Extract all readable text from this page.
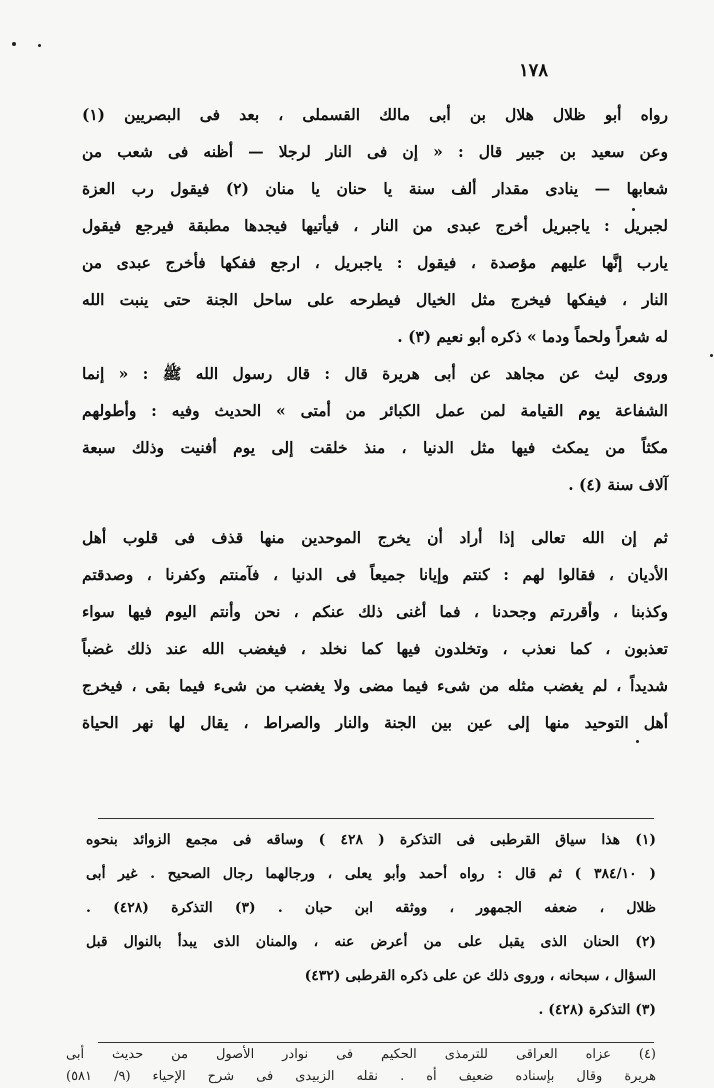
١٧٨
رواه أبو ظلال هلال بن أبى مالك القسملى ، بعد فى البصريين (١)
وعن سعيد بن جبير قال : « إن فى النار لرجلا — أظنه فى شعب من
شعابها — ينادى مقدار ألف سنة يا حنان يا منان (٢) فيقول رب العزة
لجبريل : ياجبريل أخرج عبدى من النار ، فيأتيها فيجدها مطبقة فيرجع فيقول
يارب إنَّها عليهم مؤصدة ، فيقول : ياجبريل ، ارجع ففكها فأخرج عبدى من
النار ، فيفكها فيخرج مثل الخيال فيطرحه على ساحل الجنة حتى ينبت الله
له شعراً ولحماً ودما » ذكره أبو نعيم (٣) .
وروى ليث عن مجاهد عن أبى هريرة قال : قال رسول الله ﷺ : « إنما
الشفاعة يوم القيامة لمن عمل الكبائر من أمتى » الحديث وفيه : وأطولهم
مكثاً من يمكث فيها مثل الدنيا ، منذ خلقت إلى يوم أفنيت وذلك سبعة
آلاف سنة (٤) .
ثم إن الله تعالى إذا أراد أن يخرج الموحدين منها قذف فى قلوب أهل
الأديان ، فقالوا لهم : كنتم وإيانا جميعاً فى الدنيا ، فآمنتم وكفرنا ، وصدقتم
وكذبنا ، وأقررتم وجحدنا ، فما أغنى ذلك عنكم ، نحن وأنتم اليوم فيها سواء
تعذبون ، كما نعذب ، وتخلدون فيها كما نخلد ، فيغضب الله عند ذلك غضباً
شديداً ، لم يغضب مثله من شىء فيما مضى ولا يغضب من شىء فيما بقى ، فيخرج
أهل التوحيد منها إلى عين بين الجنة والنار والصراط ، يقال لها نهر الحياة
(١) هذا سياق القرطبى فى التذكرة ( ٤٢٨ ) وساقه فى مجمع الزوائد بنحوه
( ٣٨٤/١٠ ) ثم قال : رواه أحمد وأبو يعلى ، ورجالهما رجال الصحيح . غير أبى
ظلال ، ضعفه الجمهور ، ووثقه ابن حبان . (٣) التذكرة (٤٢٨) .
(٢) الحنان الذى يقبل على من أعرض عنه ، والمنان الذى يبدأ بالنوال قبل
السؤال ، سبحانه ، وروى ذلك عن على ذكره القرطبى (٤٣٢)
(٣) التذكرة (٤٢٨) .
(٤) عزاه العراقى للترمذى الحكيم فى نوادر الأصول من حديث أبى
هريرة وقال بإسناده ضعيف أه . نقله الزبيدى فى شرح الإحياء (٩/ ٥٨١)
